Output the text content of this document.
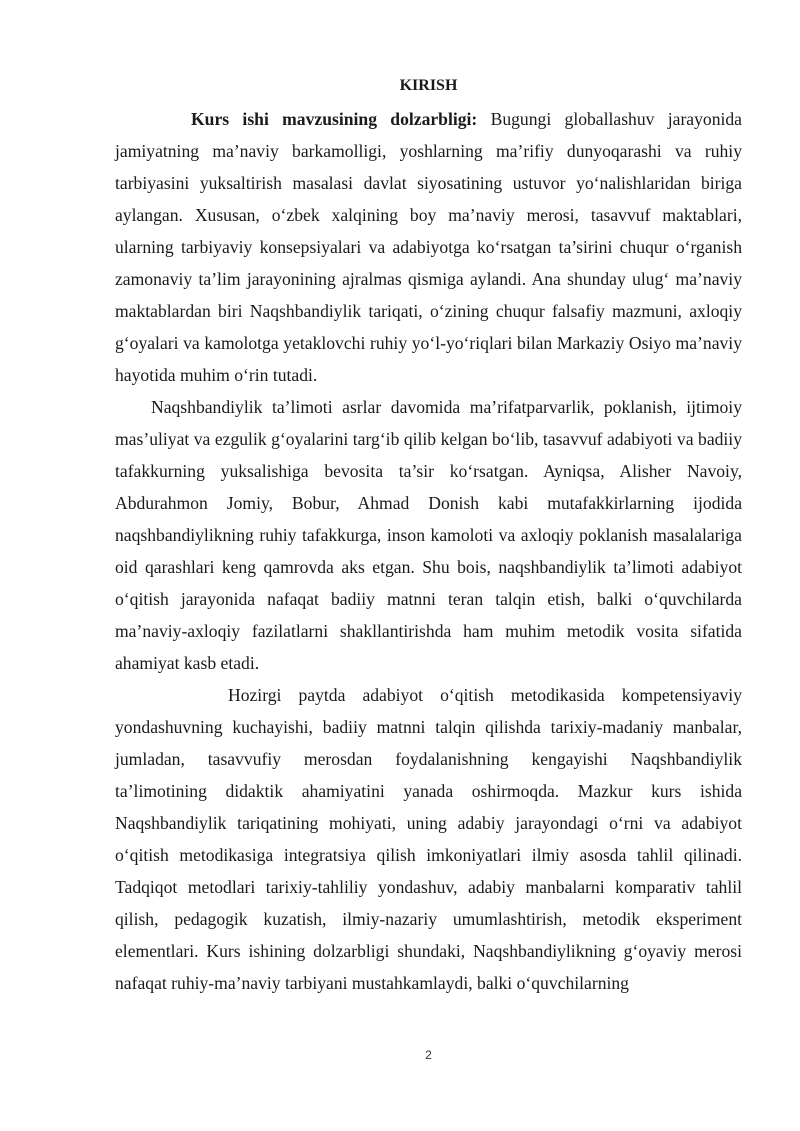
KIRISH

Kurs ishi mavzusining dolzarbligi: Bugungi globallashuv jarayonida jamiyatning ma’naviy barkamolligi, yoshlarning ma’rifiy dunyoqarashi va ruhiy tarbiyasini yuksaltirish masalasi davlat siyosatining ustuvor yo‘nalishlaridan biriga aylangan. Xususan, o‘zbek xalqining boy ma’naviy merosi, tasavvuf maktablari, ularning tarbiyaviy konsepsiyalari va adabiyotga ko‘rsatgan ta’sirini chuqur o‘rganish zamonaviy ta’lim jarayonining ajralmas qismiga aylandi. Ana shunday ulug‘ ma’naviy maktablardan biri Naqshbandiylik tariqati, o‘zining chuqur falsafiy mazmuni, axloqiy g‘oyalari va kamolotga yetaklovchi ruhiy yo‘l-yo‘riqlari bilan Markaziy Osiyo ma’naviy hayotida muhim o‘rin tutadi.

Naqshbandiylik ta’limoti asrlar davomida ma’rifatparvarlik, poklanish, ijtimoiy mas’uliyat va ezgulik g‘oyalarini targ‘ib qilib kelgan bo‘lib, tasavvuf adabiyoti va badiiy tafakkurning yuksalishiga bevosita ta’sir ko‘rsatgan. Ayniqsa, Alisher Navoiy, Abdurahmon Jomiy, Bobur, Ahmad Donish kabi mutafakkirlarning ijodida naqshbandiylikning ruhiy tafakkurga, inson kamoloti va axloqiy poklanish masalalariga oid qarashlari keng qamrovda aks etgan. Shu bois, naqshbandiylik ta’limoti adabiyot o‘qitish jarayonida nafaqat badiiy matnni teran talqin etish, balki o‘quvchilarda ma’naviy-axloqiy fazilatlarni shakllantirishda ham muhim metodik vosita sifatida ahamiyat kasb etadi.

Hozirgi paytda adabiyot o‘qitish metodikasida kompetensiyaviy yondashuvning kuchayishi, badiiy matnni talqin qilishda tarixiy-madaniy manbalar, jumladan, tasavvufiy merosdan foydalanishning kengayishi Naqshbandiylik ta’limotining didaktik ahamiyatini yanada oshirmoqda. Mazkur kurs ishida Naqshbandiylik tariqatining mohiyati, uning adabiy jarayondagi o‘rni va adabiyot o‘qitish metodikasiga integratsiya qilish imkoniyatlari ilmiy asosda tahlil qilinadi. Tadqiqot metodlari tarixiy-tahliliy yondashuv, adabiy manbalarni komparativ tahlil qilish, pedagogik kuzatish, ilmiy-nazariy umumlashtirish, metodik eksperiment elementlari. Kurs ishining dolzarbligi shundaki, Naqshbandiylikning g‘oyaviy merosi nafaqat ruhiy-ma’naviy tarbiyani mustahkamlaydi, balki o‘quvchilarning

2
